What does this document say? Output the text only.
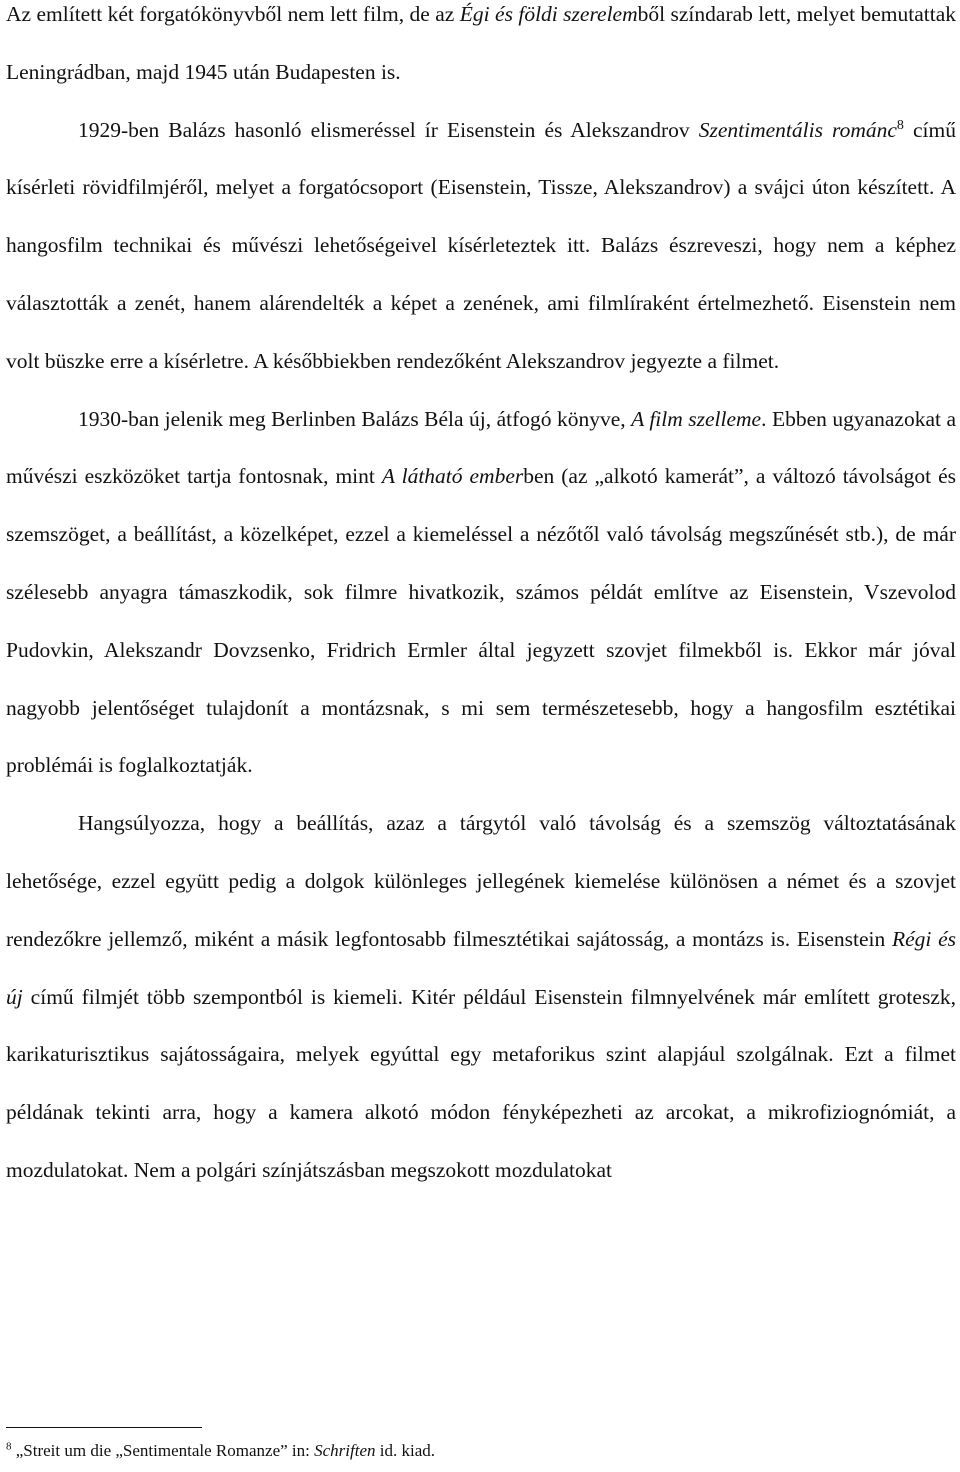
Az említett két forgatókönyvből nem lett film, de az Égi és földi szerelemből színdarab lett, melyet bemutattak Leningrádban, majd 1945 után Budapesten is.

1929-ben Balázs hasonló elismeréssel ír Eisenstein és Alekszandrov Szentimentális románc$^8$ című kísérleti rövidfilmjéről, melyet a forgatócsoport (Eisenstein, Tissze, Alekszandrov) a svájci úton készített. A hangosfilm technikai és művészi lehetőségeivel kísérleteztek itt. Balázs észreveszi, hogy nem a képhez választották a zenét, hanem alárendelték a képet a zenének, ami filmlíraként értelmezhető. Eisenstein nem volt büszke erre a kísérletre. A későbbiekben rendezőként Alekszandrov jegyezte a filmet.

1930-ban jelenik meg Berlinben Balázs Béla új, átfogó könyve, A film szelleme. Ebben ugyanazokat a művészi eszközöket tartja fontosnak, mint A látható emberben (az „alkotó kamerát”, a változó távolságot és szemszöget, a beállítást, a közelképet, ezzel a kiemeléssel a nézőtől való távolság megszűnését stb.), de már szélesebb anyagra támaszkodik, sok filmre hivatkozik, számos példát említve az Eisenstein, Vszevolod Pudovkin, Alekszandr Dovzsenko, Fridrich Ermler által jegyzett szovjet filmekből is. Ekkor már jóval nagyobb jelentőséget tulajdonít a montázsnak, s mi sem természetesebb, hogy a hangosfilm esztétikai problémái is foglalkoztatják.

Hangsúlyozza, hogy a beállítás, azaz a tárgytól való távolság és a szemszög változtatásának lehetősége, ezzel együtt pedig a dolgok különleges jellegének kiemelése különösen a német és a szovjet rendezőkre jellemző, miként a másik legfontosabb filmesztétikai sajátosság, a montázs is. Eisenstein Régi és új című filmjét több szempontból is kiemeli. Kitér például Eisenstein filmnyelvének már említett groteszk, karikaturisztikus sajátosságaira, melyek egyúttal egy metaforikus szint alapjául szolgálnak. Ezt a filmet példának tekinti arra, hogy a kamera alkotó módon fényképezheti az arcokat, a mikrofiziognómiát, a mozdulatokat. Nem a polgári színjátszásban megszokott mozdulatokat

$^8$ „Streit um die „Sentimentale Romanze” in: Schriften id. kiad.
